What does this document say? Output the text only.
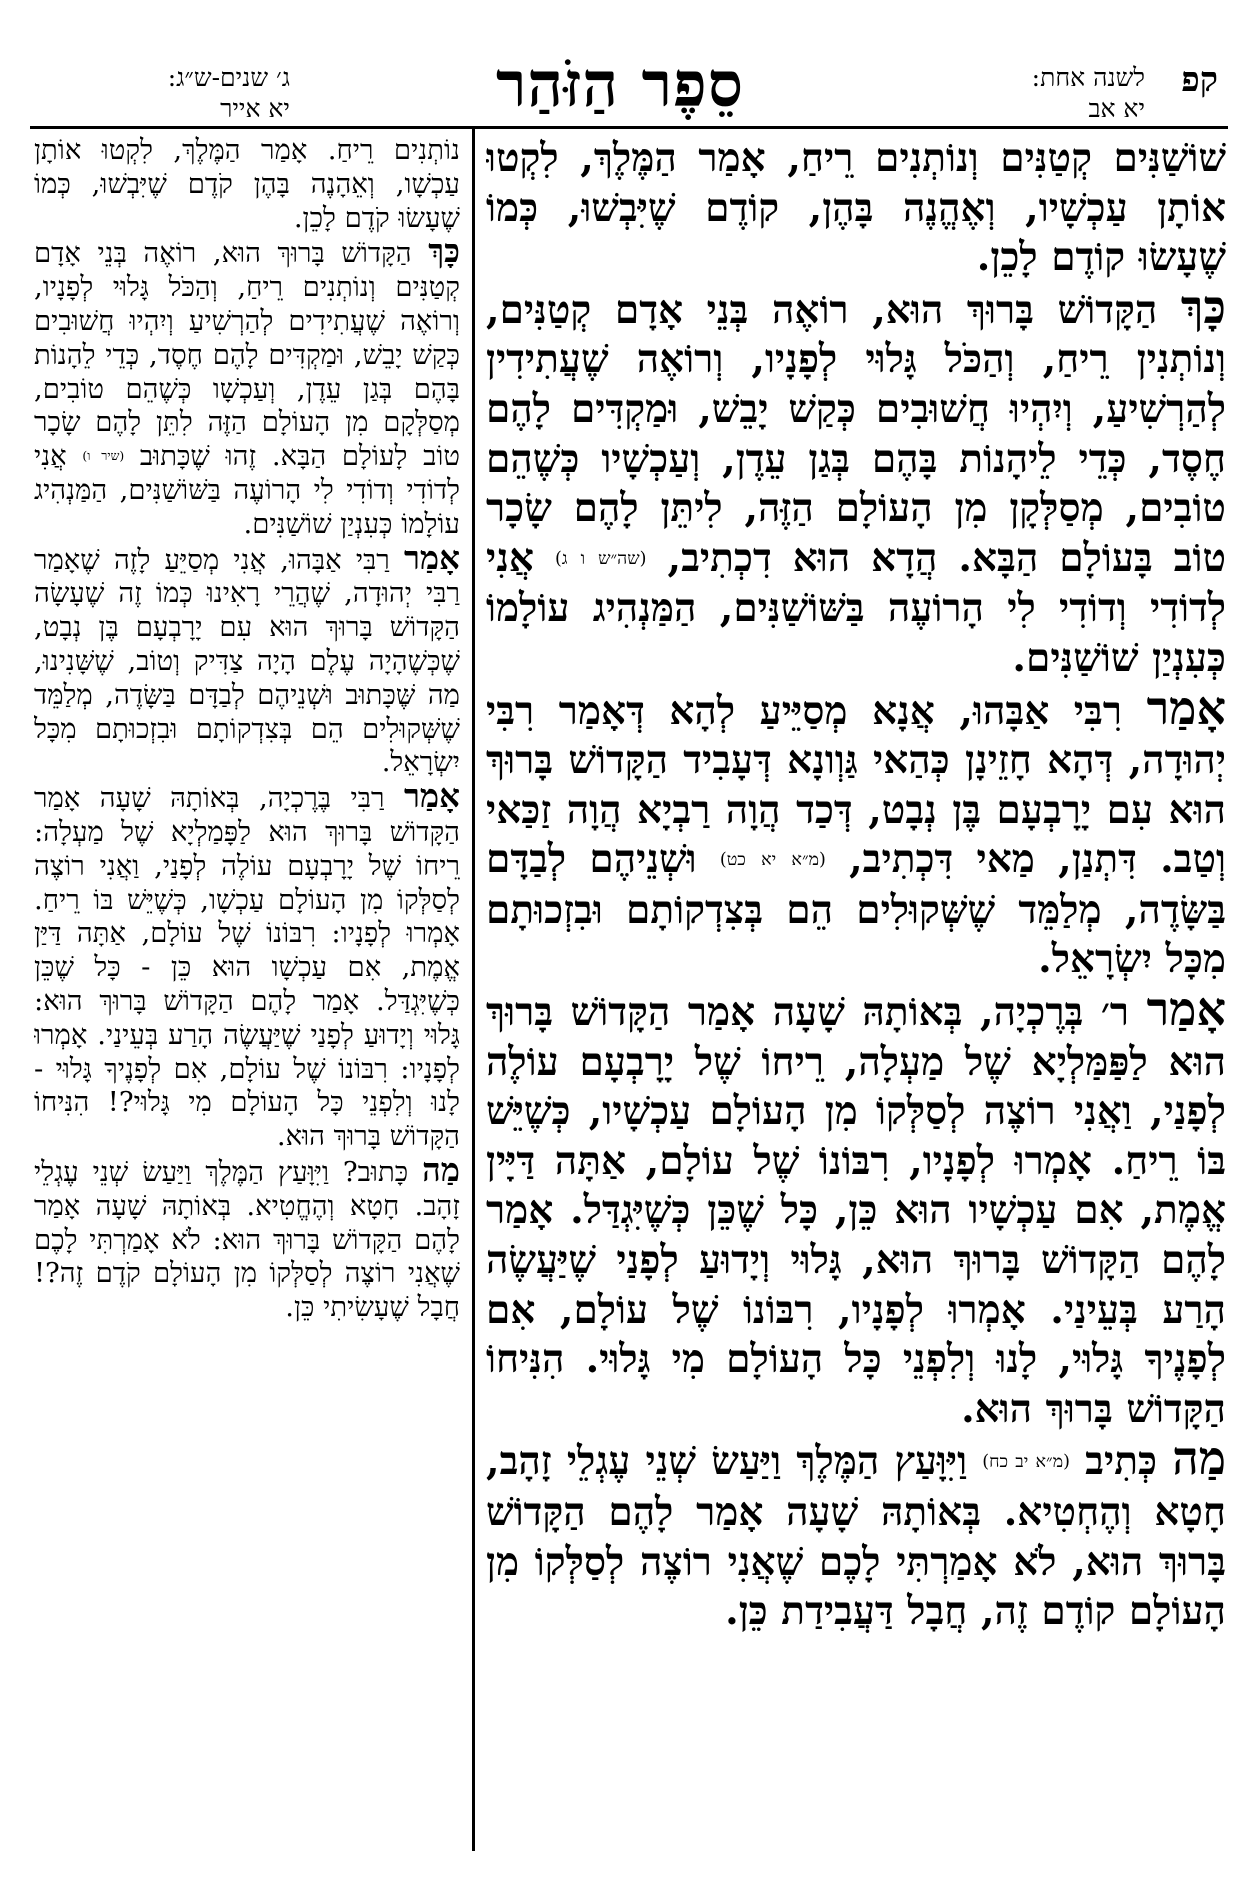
קפ
לשנה אחת:
יא אב
סֵפֶר הַזֹּהַר
ג׳ שנים-ש״ג:
יא אייר

שׁוֹשַׁנִּים קְטַנִּים וְנוֹתְנִים רֵיחַ, אָמַר הַמֶּלֶךְ, לִקְטוּ אוֹתָן עַכְשָׁיו, וְאֶהֱנֶה בָּהֶן, קוֹדֶם שֶׁיִּבְשׁוּ, כְּמוֹ שֶׁעָשׂוּ קוֹדֶם לָכֵן.

כָּךְ הַקָּדוֹשׁ בָּרוּךְ הוּא, רוֹאֶה בְּנֵי אָדָם קְטַנִּים, וְנוֹתְנִין רֵיחַ, וְהַכֹּל גָּלוּי לְפָנָיו, וְרוֹאֶה שֶׁעֲתִידִין לְהַרְשִׁיעַ, וְיִהְיוּ חֲשׁוּבִים כְּקַשׁ יָבֵשׁ, וּמַקְדִּים לָהֶם חֶסֶד, כְּדֵי לֵיהָנוֹת בָּהֶם בְּגַן עֵדֶן, וְעַכְשָׁיו כְּשֶׁהֵם טוֹבִים, מְסַלְּקָן מִן הָעוֹלָם הַזֶּה, לִיתֵּן לָהֶם שָׂכָר טוֹב בָּעוֹלָם הַבָּא. הֲדָא הוּא דִכְתִיב, (שה״ש ו ג) אֲנִי לְדוֹדִי וְדוֹדִי לִי הָרוֹעֶה בַּשּׁוֹשַׁנִּים, הַמַּנְהִיג עוֹלָמוֹ כְּעִנְיַן שׁוֹשַׁנִּים.

אָמַר רִבִּי אַבָּהוּ, אֲנָא מְסַיֵּיעַ לְהָא דְּאָמַר רִבִּי יְהוּדָה, דְּהָא חָזֵינָן כְּהַאי גַּוְונָא דְּעָבִיד הַקָּדוֹשׁ בָּרוּךְ הוּא עִם יָרָבְעָם בֶּן נְבָט, דְּכַד הֲוָה רַבְיָא הֲוָה זַכַּאי וְטַב. דִּתְנַן, מַאי דִּכְתִיב, (מ״א יא כט) וּשְׁנֵיהֶם לְבַדָּם בַּשָּׂדֶה, מְלַמֵּד שֶׁשְּׁקוּלִים הֵם בְּצִדְקוֹתָם וּבִזְכוּתָם מִכָּל יִשְׂרָאֵל.

אָמַר ר׳ בְּרֶכְיָה, בְּאוֹתָהּ שָׁעָה אָמַר הַקָּדוֹשׁ בָּרוּךְ הוּא לַפַּמַּלְיָא שֶׁל מַעְלָה, רֵיחוֹ שֶׁל יָרָבְעָם עוֹלֶה לְפָנַי, וַאֲנִי רוֹצֶה לְסַלְּקוֹ מִן הָעוֹלָם עַכְשָׁיו, כְּשֶׁיֵּשׁ בּוֹ רֵיחַ. אָמְרוּ לְפָנָיו, רִבּוֹנוֹ שֶׁל עוֹלָם, אַתָּה דַּיָּין אֱמֶת, אִם עַכְשָׁיו הוּא כֵּן, כָּל שֶׁכֵּן כְּשֶׁיִּגְדַּל. אָמַר לָהֶם הַקָּדוֹשׁ בָּרוּךְ הוּא, גָּלוּי וְיָדוּעַ לְפָנַי שֶׁיַּעֲשֶׂה הָרַע בְּעֵינַי. אָמְרוּ לְפָנָיו, רִבּוֹנוֹ שֶׁל עוֹלָם, אִם לְפָנֶיךָ גָּלוּי, לָנוּ וְלִפְנֵי כָּל הָעוֹלָם מִי גָּלוּי. הִנִּיחוֹ הַקָּדוֹשׁ בָּרוּךְ הוּא.

מַה כְּתִיב (מ״א יב כח) וַיִּוָּעַץ הַמֶּלֶךְ וַיַּעַשׂ שְׁנֵי עֶגְלֵי זָהָב, חָטָא וְהֶחְטִיא. בְּאוֹתָהּ שָׁעָה אָמַר לָהֶם הַקָּדוֹשׁ בָּרוּךְ הוּא, לֹא אָמַרְתִּי לָכֶם שֶׁאֲנִי רוֹצֶה לְסַלְּקוֹ מִן הָעוֹלָם קוֹדֶם זֶה, חֲבָל דַּעֲבִידַת כֵּן.

נוֹתְנִים רֵיחַ. אָמַר הַמֶּלֶךְ, לִקְטוּ אוֹתָן עַכְשָׁו, וְאֵהָנֶה בָּהֶן קֹדֶם שֶׁיִּבְשׁוּ, כְּמוֹ שֶׁעָשׂוּ קֹדֶם לָכֵן.

כָּךְ הַקָּדוֹשׁ בָּרוּךְ הוּא, רוֹאֶה בְּנֵי אָדָם קְטַנִּים וְנוֹתְנִים רֵיחַ, וְהַכֹּל גָּלוּי לְפָנָיו, וְרוֹאֶה שֶׁעֲתִידִים לְהַרְשִׁיעַ וְיִהְיוּ חֲשׁוּבִים כְּקַשׁ יָבֵשׁ, וּמַקְדִּים לָהֶם חֶסֶד, כְּדֵי לֵהָנוֹת בָּהֶם בְּגַן עֵדֶן, וְעַכְשָׁו כְּשֶׁהֵם טוֹבִים, מְסַלְּקָם מִן הָעוֹלָם הַזֶּה לִתֵּן לָהֶם שָׂכָר טוֹב לָעוֹלָם הַבָּא. זֶהוּ שֶׁכָּתוּב (שיר ו) אֲנִי לְדוֹדִי וְדוֹדִי לִי הָרוֹעֶה בַּשּׁוֹשַׁנִּים, הַמַּנְהִיג עוֹלָמוֹ כְּעִנְיַן שׁוֹשַׁנִּים.

אָמַר רַבִּי אַבָּהוּ, אֲנִי מְסַיֵּעַ לָזֶה שֶׁאָמַר רַבִּי יְהוּדָה, שֶׁהֲרֵי רָאִינוּ כְּמוֹ זֶה שֶׁעָשָׂה הַקָּדוֹשׁ בָּרוּךְ הוּא עִם יָרָבְעָם בֶּן נְבָט, שֶׁכְּשֶׁהָיָה עֶלֶם הָיָה צַדִּיק וְטוֹב, שֶׁשָּׁנִינוּ, מַה שֶּׁכָּתוּב וּשְׁנֵיהֶם לְבַדָּם בַּשָּׂדֶה, מְלַמֵּד שֶׁשְּׁקוּלִים הֵם בְּצִדְקוֹתָם וּבִזְכוּתָם מִכָּל יִשְׂרָאֵל.

אָמַר רַבִּי בֶּרֶכְיָה, בְּאוֹתָהּ שָׁעָה אָמַר הַקָּדוֹשׁ בָּרוּךְ הוּא לַפָּמַלְיָא שֶׁל מַעְלָה: רֵיחוֹ שֶׁל יָרָבְעָם עוֹלֶה לְפָנַי, וַאֲנִי רוֹצֶה לְסַלְּקוֹ מִן הָעוֹלָם עַכְשָׁו, כְּשֶׁיֵּשׁ בּוֹ רֵיחַ. אָמְרוּ לְפָנָיו: רִבּוֹנוֹ שֶׁל עוֹלָם, אַתָּה דַּיַּן אֱמֶת, אִם עַכְשָׁו הוּא כֵּן - כָּל שֶׁכֵּן כְּשֶׁיִּגְדַּל. אָמַר לָהֶם הַקָּדוֹשׁ בָּרוּךְ הוּא: גָּלוּי וְיָדוּעַ לְפָנַי שֶׁיַּעֲשֶׂה הָרַע בְּעֵינַי. אָמְרוּ לְפָנָיו: רִבּוֹנוֹ שֶׁל עוֹלָם, אִם לְפָנֶיךָ גָּלוּי - לָנוּ וְלִפְנֵי כָּל הָעוֹלָם מִי גָּלוּי?! הִנִּיחוֹ הַקָּדוֹשׁ בָּרוּךְ הוּא.

מַה כָּתוּב? וַיִּוָּעַץ הַמֶּלֶךְ וַיַּעַשׂ שְׁנֵי עֶגְלֵי זָהָב. חָטָא וְהֶחֱטִיא. בְּאוֹתָהּ שָׁעָה אָמַר לָהֶם הַקָּדוֹשׁ בָּרוּךְ הוּא: לֹא אָמַרְתִּי לָכֶם שֶׁאֲנִי רוֹצֶה לְסַלְּקוֹ מִן הָעוֹלָם קֹדֶם זֶה?! חֲבָל שֶׁעָשִׂיתִי כֵּן.
